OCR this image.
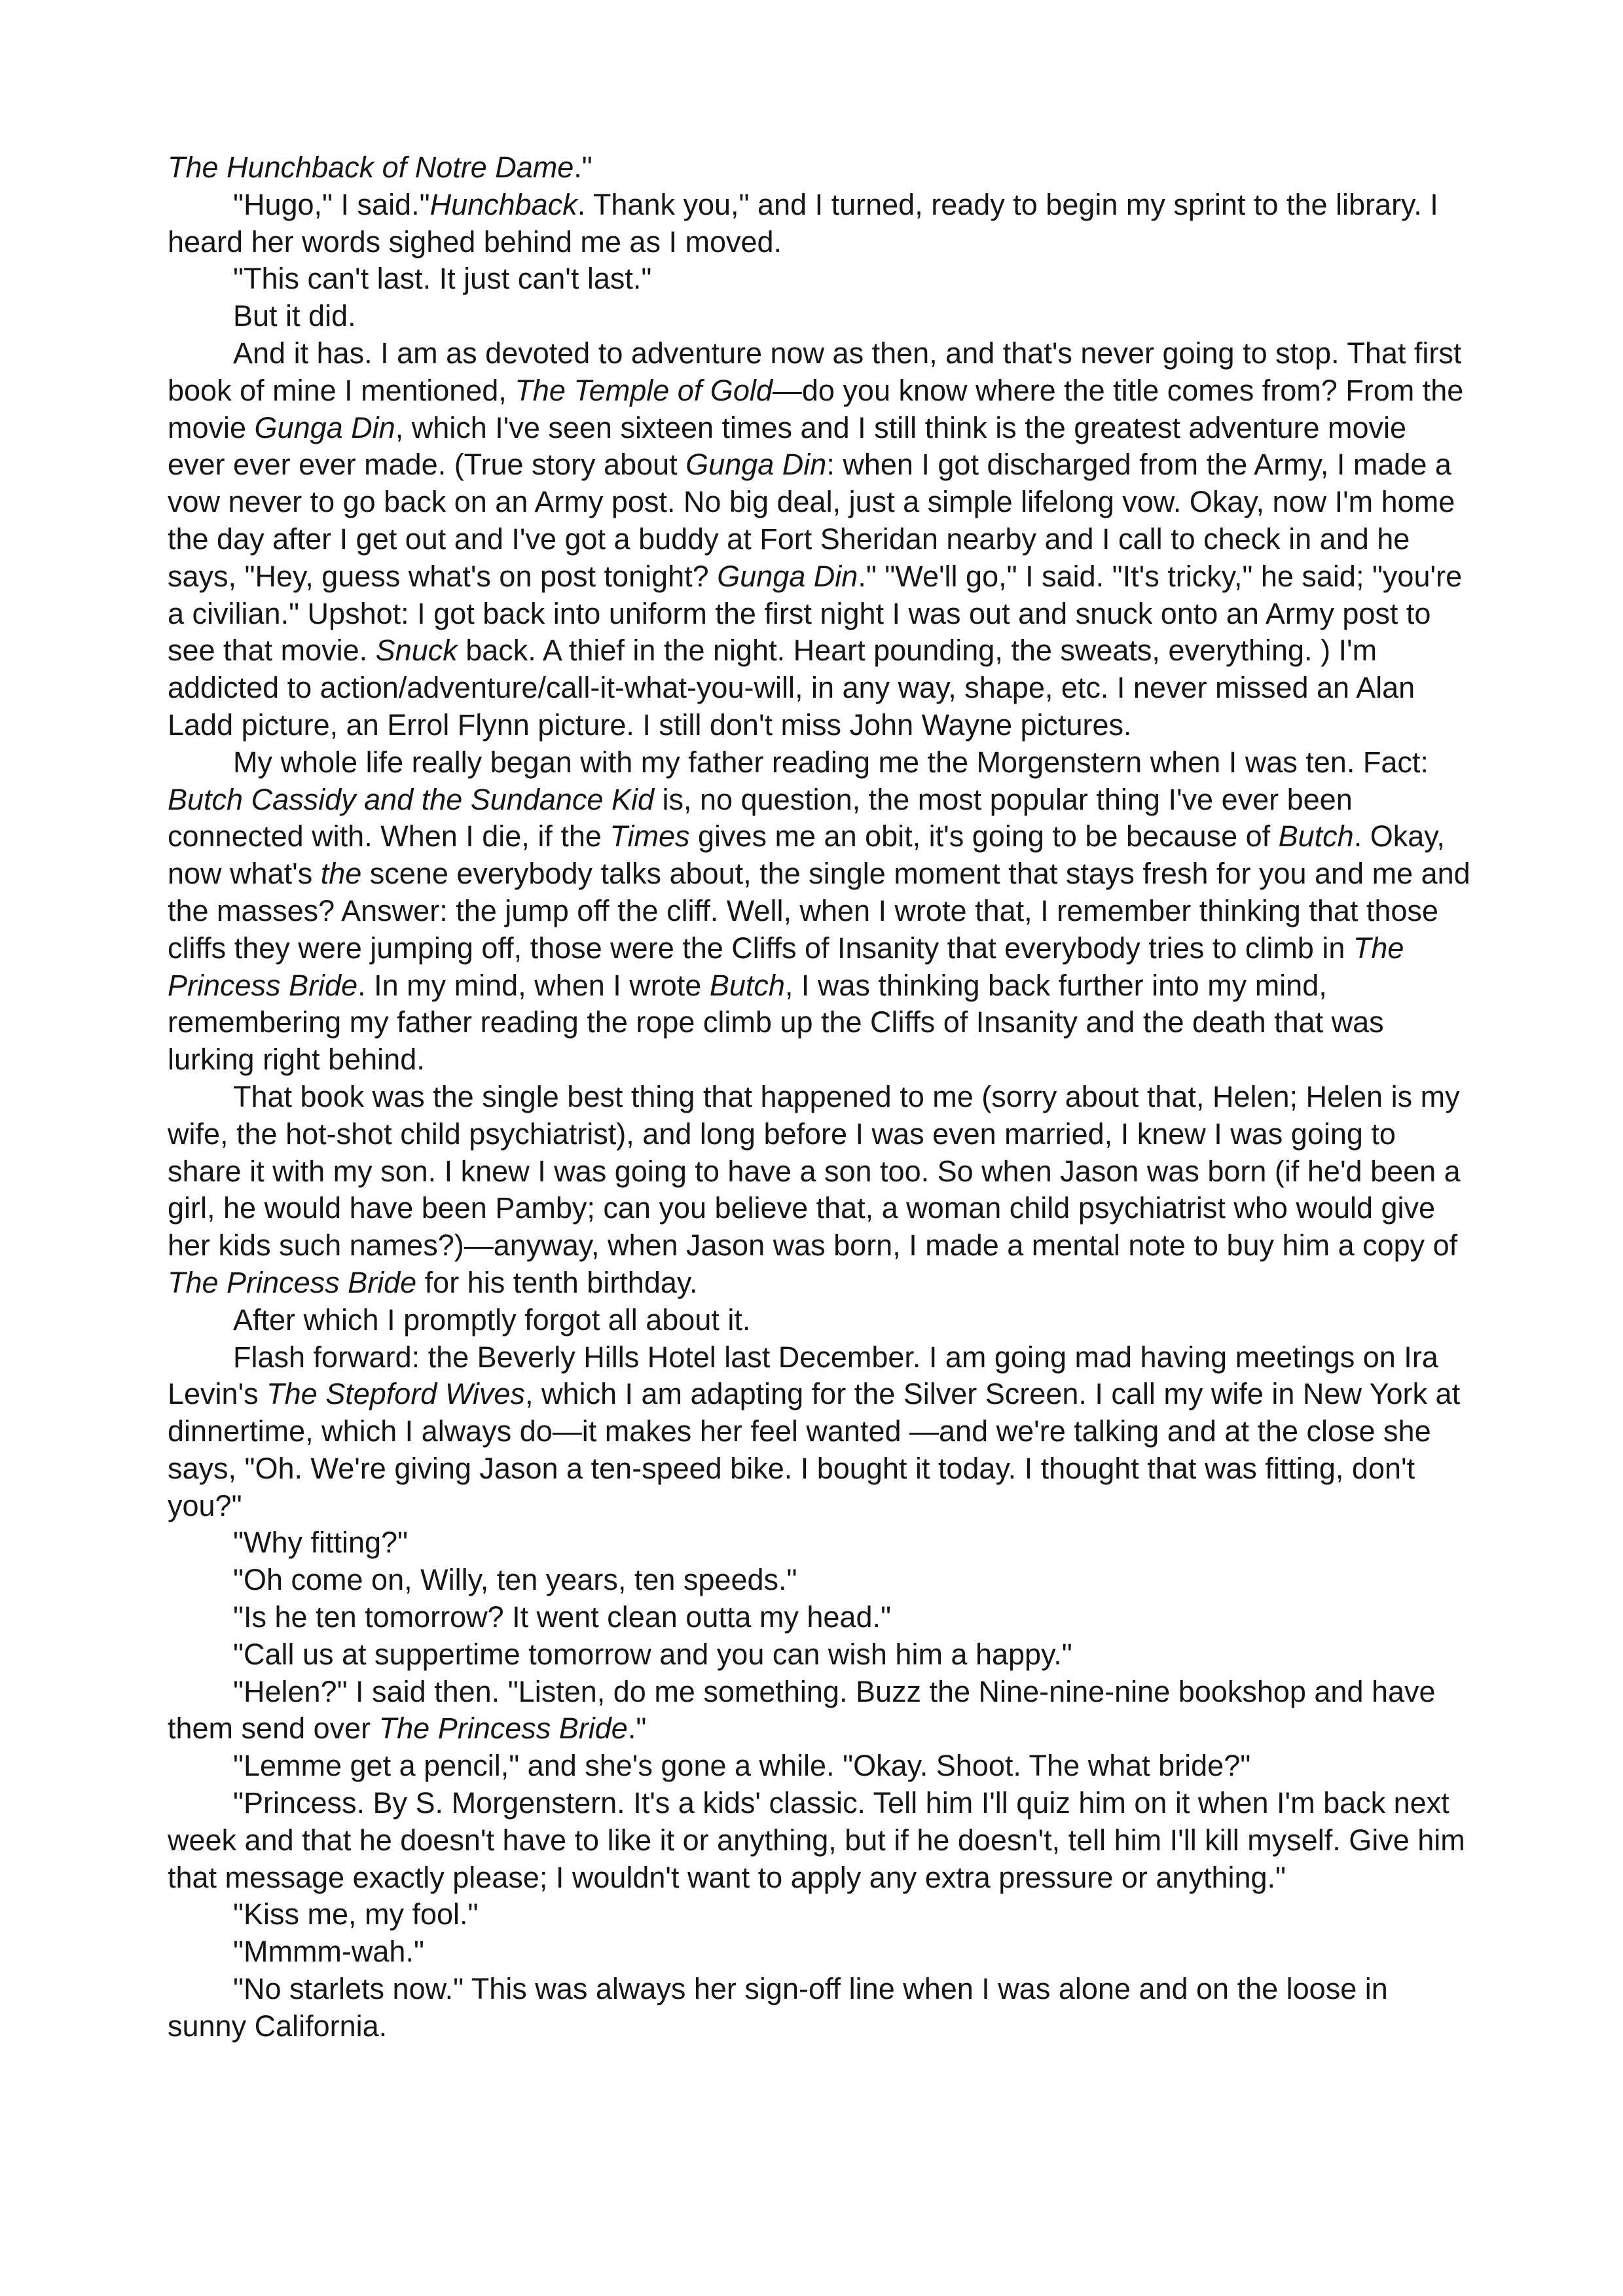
The Hunchback of Notre Dame."

"Hugo," I said."Hunchback. Thank you," and I turned, ready to begin my sprint to the library. I heard her words sighed behind me as I moved.

"This can't last. It just can't last."

But it did.

And it has. I am as devoted to adventure now as then, and that's never going to stop. That first book of mine I mentioned, The Temple of Gold—do you know where the title comes from? From the movie Gunga Din, which I've seen sixteen times and I still think is the greatest adventure movie ever ever ever made. (True story about Gunga Din: when I got discharged from the Army, I made a vow never to go back on an Army post. No big deal, just a simple lifelong vow. Okay, now I'm home the day after I get out and I've got a buddy at Fort Sheridan nearby and I call to check in and he says, "Hey, guess what's on post tonight? Gunga Din." "We'll go," I said. "It's tricky," he said; "you're a civilian." Upshot: I got back into uniform the first night I was out and snuck onto an Army post to see that movie. Snuck back. A thief in the night. Heart pounding, the sweats, everything. ) I'm addicted to action/adventure/call-it-what-you-will, in any way, shape, etc. I never missed an Alan Ladd picture, an Errol Flynn picture. I still don't miss John Wayne pictures.

My whole life really began with my father reading me the Morgenstern when I was ten. Fact: Butch Cassidy and the Sundance Kid is, no question, the most popular thing I've ever been connected with. When I die, if the Times gives me an obit, it's going to be because of Butch. Okay, now what's the scene everybody talks about, the single moment that stays fresh for you and me and the masses? Answer: the jump off the cliff. Well, when I wrote that, I remember thinking that those cliffs they were jumping off, those were the Cliffs of Insanity that everybody tries to climb in The Princess Bride. In my mind, when I wrote Butch, I was thinking back further into my mind, remembering my father reading the rope climb up the Cliffs of Insanity and the death that was lurking right behind.

That book was the single best thing that happened to me (sorry about that, Helen; Helen is my wife, the hot-shot child psychiatrist), and long before I was even married, I knew I was going to share it with my son. I knew I was going to have a son too. So when Jason was born (if he'd been a girl, he would have been Pamby; can you believe that, a woman child psychiatrist who would give her kids such names?)—anyway, when Jason was born, I made a mental note to buy him a copy of The Princess Bride for his tenth birthday.

After which I promptly forgot all about it.

Flash forward: the Beverly Hills Hotel last December. I am going mad having meetings on Ira Levin's The Stepford Wives, which I am adapting for the Silver Screen. I call my wife in New York at dinnertime, which I always do—it makes her feel wanted —and we're talking and at the close she says, "Oh. We're giving Jason a ten-speed bike. I bought it today. I thought that was fitting, don't you?"

"Why fitting?"

"Oh come on, Willy, ten years, ten speeds."

"Is he ten tomorrow? It went clean outta my head."

"Call us at suppertime tomorrow and you can wish him a happy."

"Helen?" I said then. "Listen, do me something. Buzz the Nine-nine-nine bookshop and have them send over The Princess Bride."

"Lemme get a pencil," and she's gone a while. "Okay. Shoot. The what bride?"

"Princess. By S. Morgenstern. It's a kids' classic. Tell him I'll quiz him on it when I'm back next week and that he doesn't have to like it or anything, but if he doesn't, tell him I'll kill myself. Give him that message exactly please; I wouldn't want to apply any extra pressure or anything."

"Kiss me, my fool."

"Mmmm-wah."

"No starlets now." This was always her sign-off line when I was alone and on the loose in sunny California.
